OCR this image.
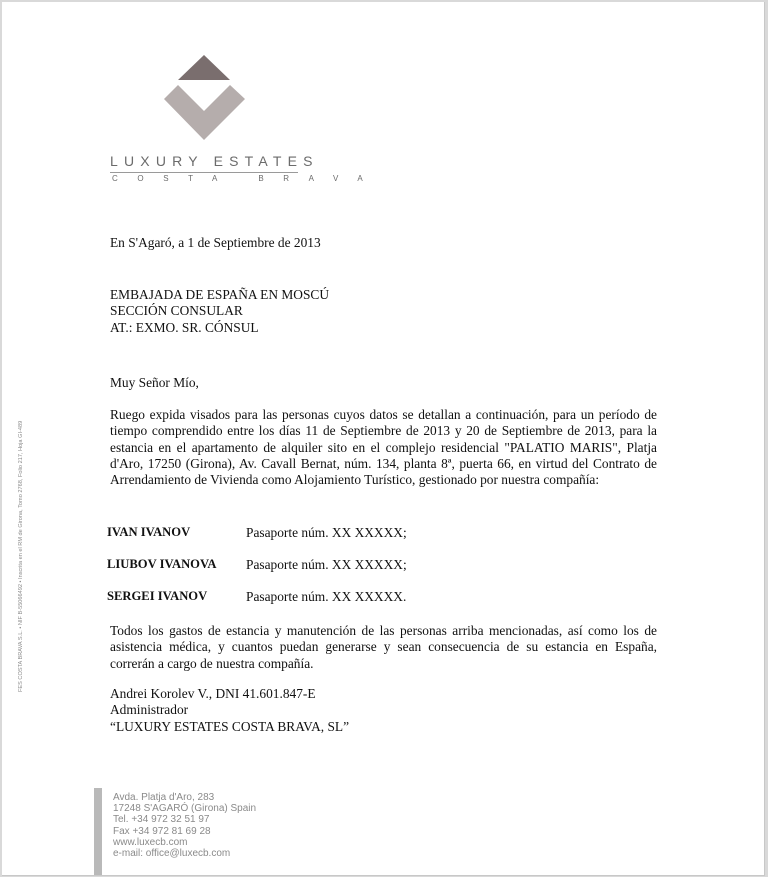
LUXURY ESTATES
COSTA BRAVA
FES COSTA BRAVA S.L. • NIF B-55066492 • Inscrita en el RM de Girona, Tomo 2768, Folio 217, Hoja GI-489
En S'Agaró, a 1 de Septiembre de 2013
EMBAJADA DE ESPAÑA EN MOSCÚ
SECCIÓN CONSULAR
AT.: EXMO. SR. CÓNSUL
Muy Señor Mío,
Ruego expida visados para las personas cuyos datos se detallan a continuación, para un período de tiempo comprendido entre los días 11 de Septiembre de 2013 y 20 de Septiembre de 2013, para la estancia en el apartamento de alquiler sito en el complejo residencial "PALATIO MARIS", Platja d'Aro, 17250 (Girona), Av. Cavall Bernat, núm. 134, planta 8ª, puerta 66, en virtud del Contrato de Arrendamiento de Vivienda como Alojamiento Turístico, gestionado por nuestra compañía:
IVAN IVANOV	Pasaporte núm. XX XXXXX;
LIUBOV IVANOVA Pasaporte núm. XX XXXXX;
SERGEI IVANOV	Pasaporte núm. XX XXXXX.
Todos los gastos de estancia y manutención de las personas arriba mencionadas, así como los de asistencia médica, y cuantos puedan generarse y sean consecuencia de su estancia en España, correrán a cargo de nuestra compañía.
Andrei Korolev V., DNI 41.601.847-E
Administrador
“LUXURY ESTATES COSTA BRAVA, SL”
Avda. Platja d'Aro, 283
17248 S'AGARÓ (Girona) Spain
Tel. +34 972 32 51 97
Fax +34 972 81 69 28
www.luxecb.com
e-mail: office@luxecb.com
